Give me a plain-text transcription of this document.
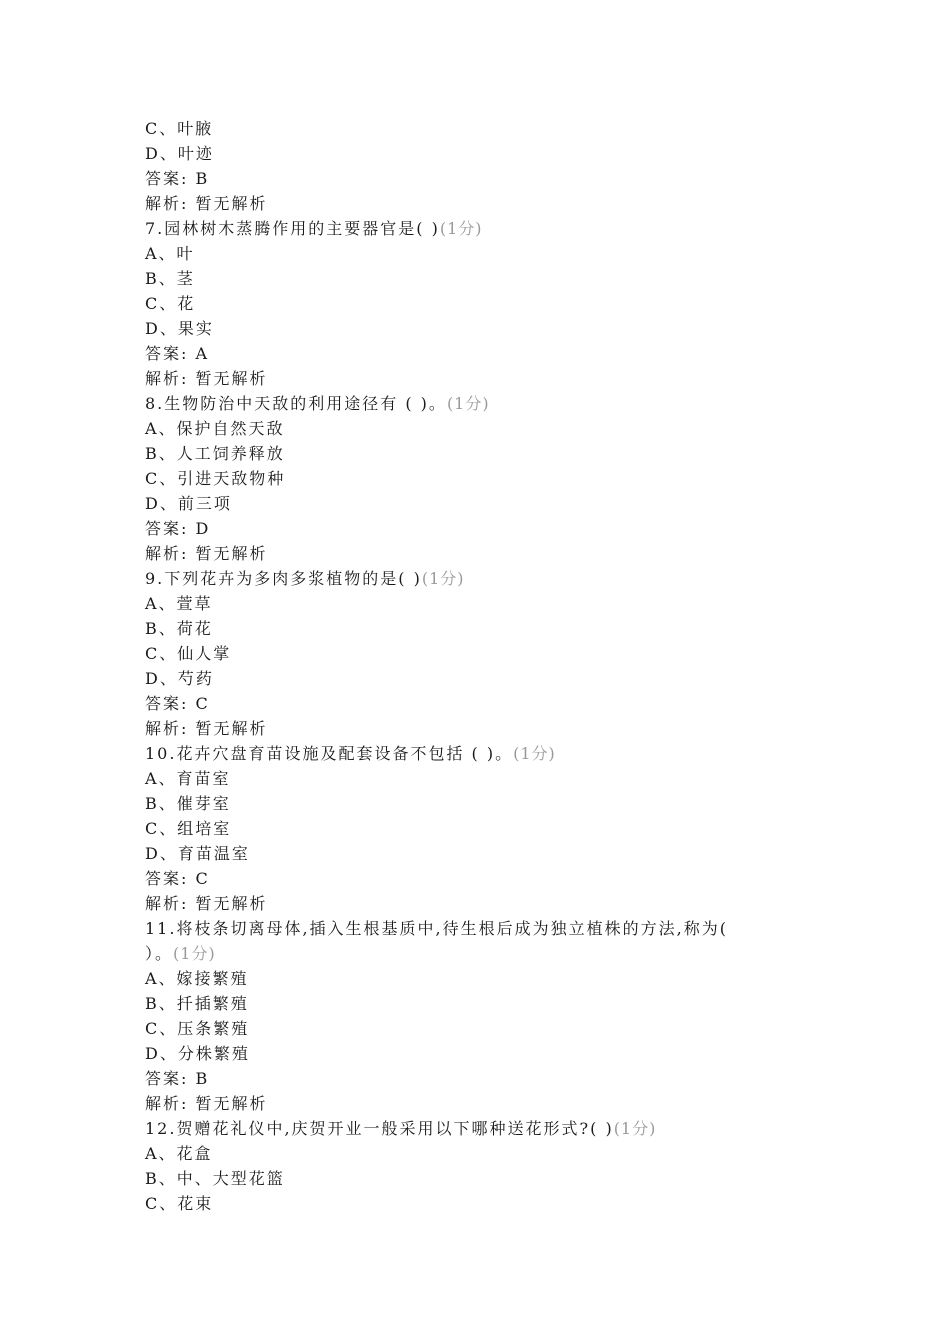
C、叶腋
D、叶迹
答案: B
解析: 暂无解析
7.园林树木蒸腾作用的主要器官是( )(1分)
A、叶
B、茎
C、花
D、果实
答案: A
解析: 暂无解析
8.生物防治中天敌的利用途径有 ( )。(1分)
A、保护自然天敌
B、人工饲养释放
C、引进天敌物种
D、前三项
答案: D
解析: 暂无解析
9.下列花卉为多肉多浆植物的是( )(1分)
A、萱草
B、荷花
C、仙人掌
D、芍药
答案: C
解析: 暂无解析
10.花卉穴盘育苗设施及配套设备不包括 ( )。(1分)
A、育苗室
B、催芽室
C、组培室
D、育苗温室
答案: C
解析: 暂无解析
11.将枝条切离母体,插入生根基质中,待生根后成为独立植株的方法,称为(
）。(1分)
A、嫁接繁殖
B、扦插繁殖
C、压条繁殖
D、分株繁殖
答案: B
解析: 暂无解析
12.贺赠花礼仪中,庆贺开业一般采用以下哪种送花形式?( )(1分)
A、花盒
B、中、大型花篮
C、花束
